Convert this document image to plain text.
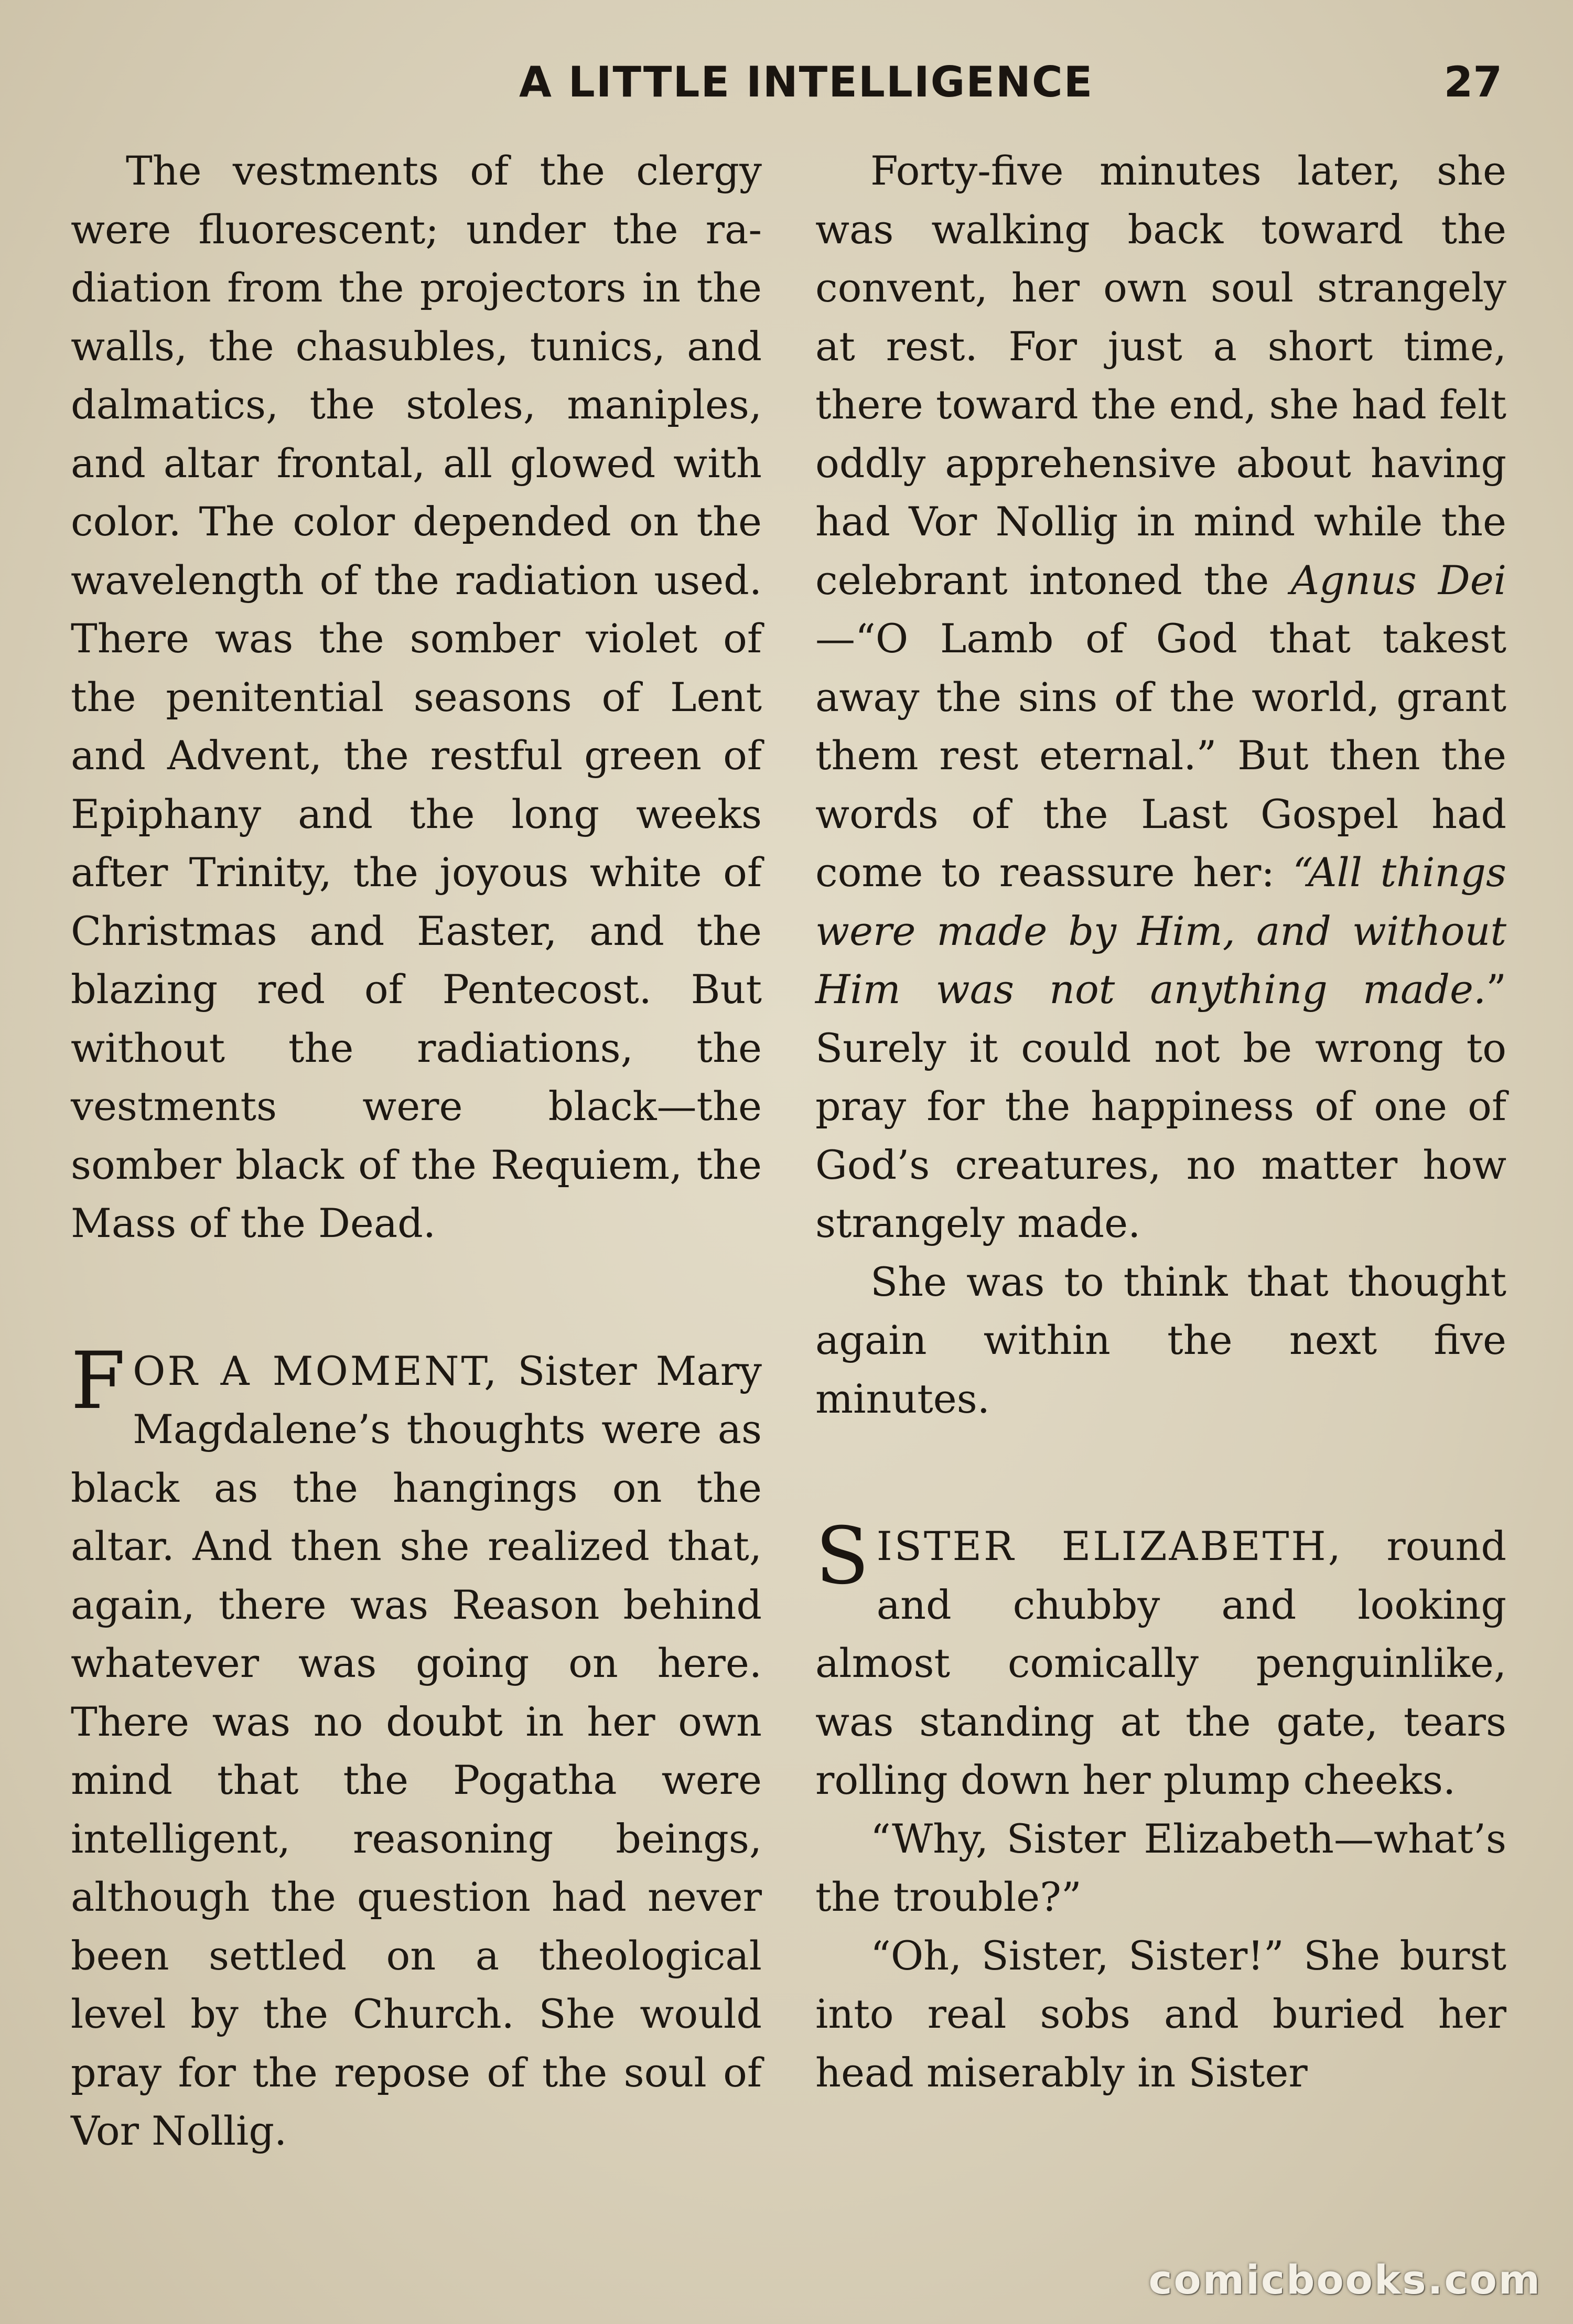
A LITTLE INTELLIGENCE	27

The vestments of the clergy were fluorescent; under the radiation from the projectors in the walls, the chasubles, tunics, and dalmatics, the stoles, maniples, and altar frontal, all glowed with color. The color depended on the wavelength of the radiation used. There was the somber violet of the penitential seasons of Lent and Advent, the restful green of Epiphany and the long weeks after Trinity, the joyous white of Christmas and Easter, and the blazing red of Pentecost. But without the radiations, the vestments were black—the somber black of the Requiem, the Mass of the Dead.

FOR A MOMENT, Sister Mary Magdalene’s thoughts were as black as the hangings on the altar. And then she realized that, again, there was Reason behind whatever was going on here. There was no doubt in her own mind that the Pogatha were intelligent, reasoning beings, although the question had never been settled on a theological level by the Church. She would pray for the repose of the soul of Vor Nollig.

Forty-five minutes later, she was walking back toward the convent, her own soul strangely at rest. For just a short time, there toward the end, she had felt oddly apprehensive about having had Vor Nollig in mind while the celebrant intoned the Agnus Dei—“O Lamb of God that takest away the sins of the world, grant them rest eternal.” But then the words of the Last Gospel had come to reassure her: “All things were made by Him, and without Him was not anything made.” Surely it could not be wrong to pray for the happiness of one of God’s creatures, no matter how strangely made.

She was to think that thought again within the next five minutes.

SISTER ELIZABETH, round and chubby and looking almost comically penguinlike, was standing at the gate, tears rolling down her plump cheeks.

“Why, Sister Elizabeth—what’s the trouble?”

“Oh, Sister, Sister!” She burst into real sobs and buried her head miserably in Sister

comicbooks.com
